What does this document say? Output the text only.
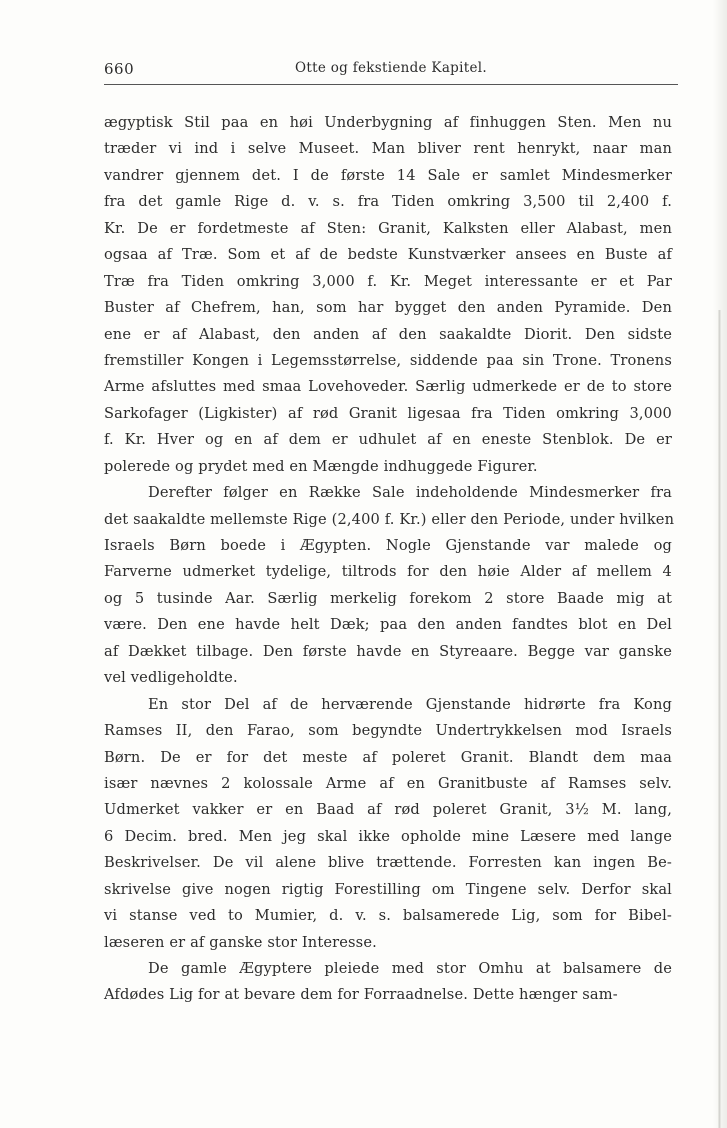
660	Otte og fekstiende Kapitel.
ægyptisk Stil paa en høi Underbygning af finhuggen Sten. Men nu
træder vi ind i selve Museet. Man bliver rent henrykt, naar man
vandrer gjennem det. I de første 14 Sale er samlet Mindesmerker
fra det gamle Rige d. v. s. fra Tiden omkring 3,500 til 2,400 f.
Kr. De er fordetmeste af Sten: Granit, Kalksten eller Alabast, men
ogsaa af Træ. Som et af de bedste Kunstværker ansees en Buste af
Træ fra Tiden omkring 3,000 f. Kr. Meget interessante er et Par
Buster af Chefrem, han, som har bygget den anden Pyramide. Den
ene er af Alabast, den anden af den saakaldte Diorit. Den sidste
fremstiller Kongen i Legemsstørrelse, siddende paa sin Trone. Tronens
Arme afsluttes med smaa Lovehoveder. Særlig udmerkede er de to store
Sarkofager (Ligkister) af rød Granit ligesaa fra Tiden omkring 3,000
f. Kr. Hver og en af dem er udhulet af en eneste Stenblok. De er
polerede og prydet med en Mængde indhuggede Figurer.
Derefter følger en Række Sale indeholdende Mindesmerker fra
det saakaldte mellemste Rige (2,400 f. Kr.) eller den Periode, under hvilken
Israels Børn boede i Ægypten. Nogle Gjenstande var malede og
Farverne udmerket tydelige, tiltrods for den høie Alder af mellem 4
og 5 tusinde Aar. Særlig merkelig forekom 2 store Baade mig at
være. Den ene havde helt Dæk; paa den anden fandtes blot en Del
af Dækket tilbage. Den første havde en Styreaare. Begge var ganske
vel vedligeholdte.
En stor Del af de herværende Gjenstande hidrørte fra Kong
Ramses II, den Farao, som begyndte Undertrykkelsen mod Israels
Børn. De er for det meste af poleret Granit. Blandt dem maa
især nævnes 2 kolossale Arme af en Granitbuste af Ramses selv.
Udmerket vakker er en Baad af rød poleret Granit, 3½ M. lang,
6 Decim. bred. Men jeg skal ikke opholde mine Læsere med lange
Beskrivelser. De vil alene blive trættende. Forresten kan ingen Be-
skrivelse give nogen rigtig Forestilling om Tingene selv. Derfor skal
vi stanse ved to Mumier, d. v. s. balsamerede Lig, som for Bibel-
læseren er af ganske stor Interesse.
De gamle Ægyptere pleiede med stor Omhu at balsamere de
Afdødes Lig for at bevare dem for Forraadnelse. Dette hænger sam-
